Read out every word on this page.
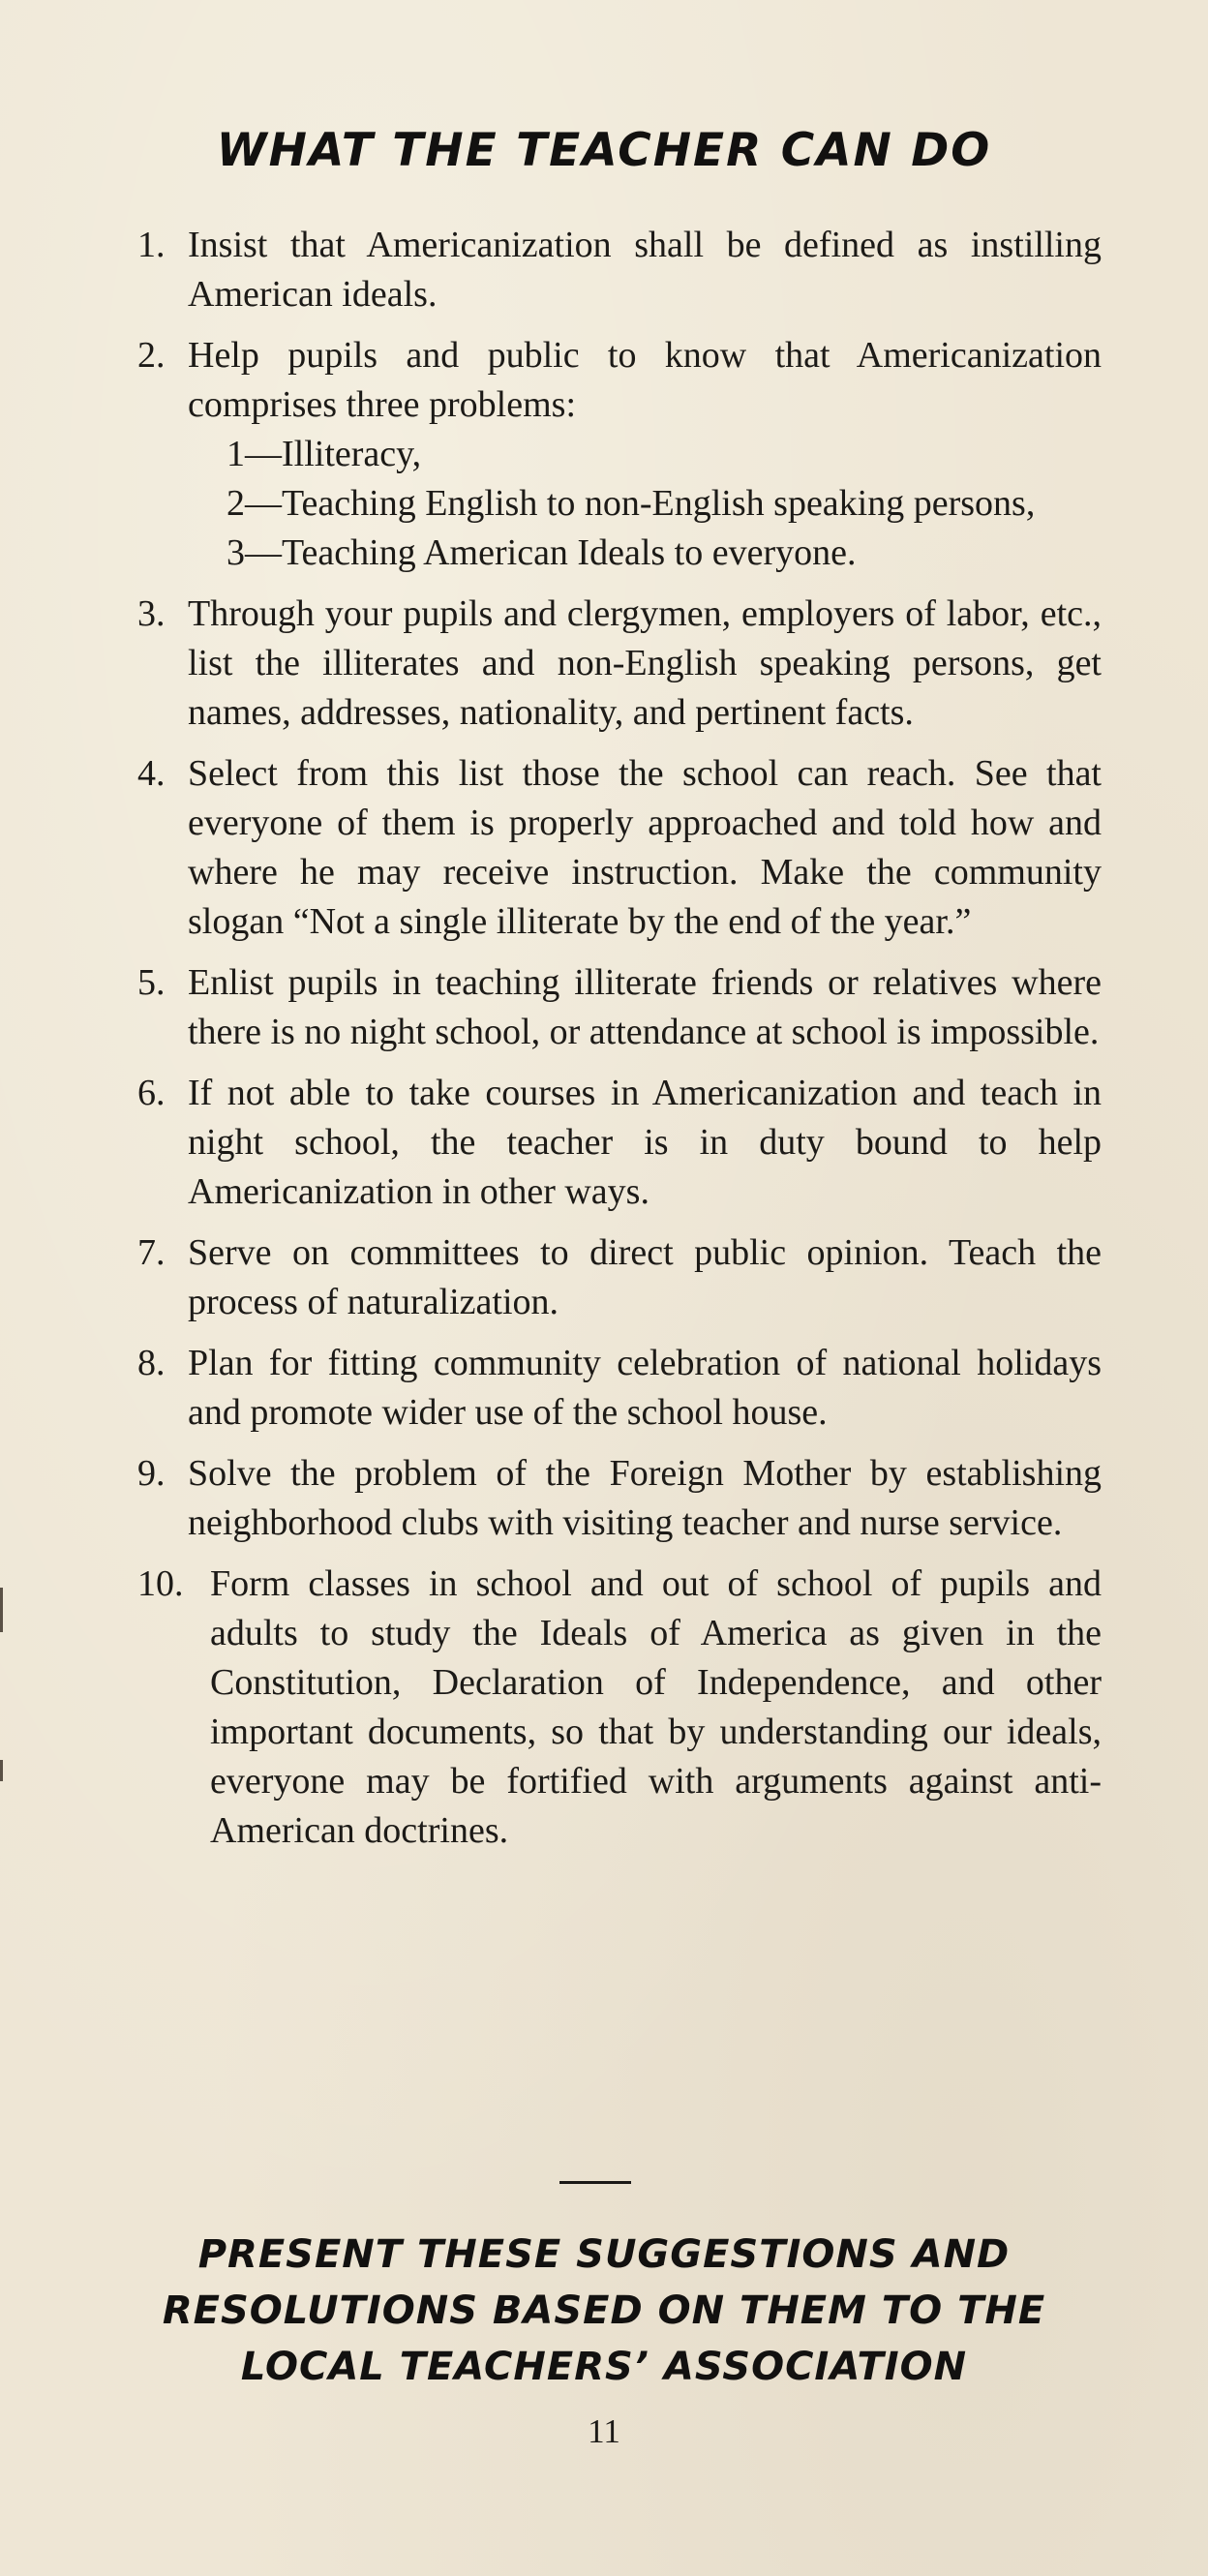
WHAT THE TEACHER CAN DO
1. Insist that Americanization shall be defined as instilling American ideals.
2. Help pupils and public to know that Americanization comprises three problems:
1—Illiteracy,
2—Teaching English to non-English speaking persons,
3—Teaching American Ideals to everyone.
3. Through your pupils and clergymen, employers of labor, etc., list the illiterates and non-English speaking persons, get names, addresses, nationality, and pertinent facts.
4. Select from this list those the school can reach. See that everyone of them is properly approached and told how and where he may receive instruction. Make the community slogan “Not a single illiterate by the end of the year.”
5. Enlist pupils in teaching illiterate friends or relatives where there is no night school, or attendance at school is impossible.
6. If not able to take courses in Americanization and teach in night school, the teacher is in duty bound to help Americanization in other ways.
7. Serve on committees to direct public opinion. Teach the process of naturalization.
8. Plan for fitting community celebration of national holidays and promote wider use of the school house.
9. Solve the problem of the Foreign Mother by establishing neighborhood clubs with visiting teacher and nurse service.
10. Form classes in school and out of school of pupils and adults to study the Ideals of America as given in the Constitution, Declaration of Independence, and other important documents, so that by understanding our ideals, everyone may be fortified with arguments against anti-American doctrines.
PRESENT THESE SUGGESTIONS AND
RESOLUTIONS BASED ON THEM TO THE
LOCAL TEACHERS’ ASSOCIATION
11
